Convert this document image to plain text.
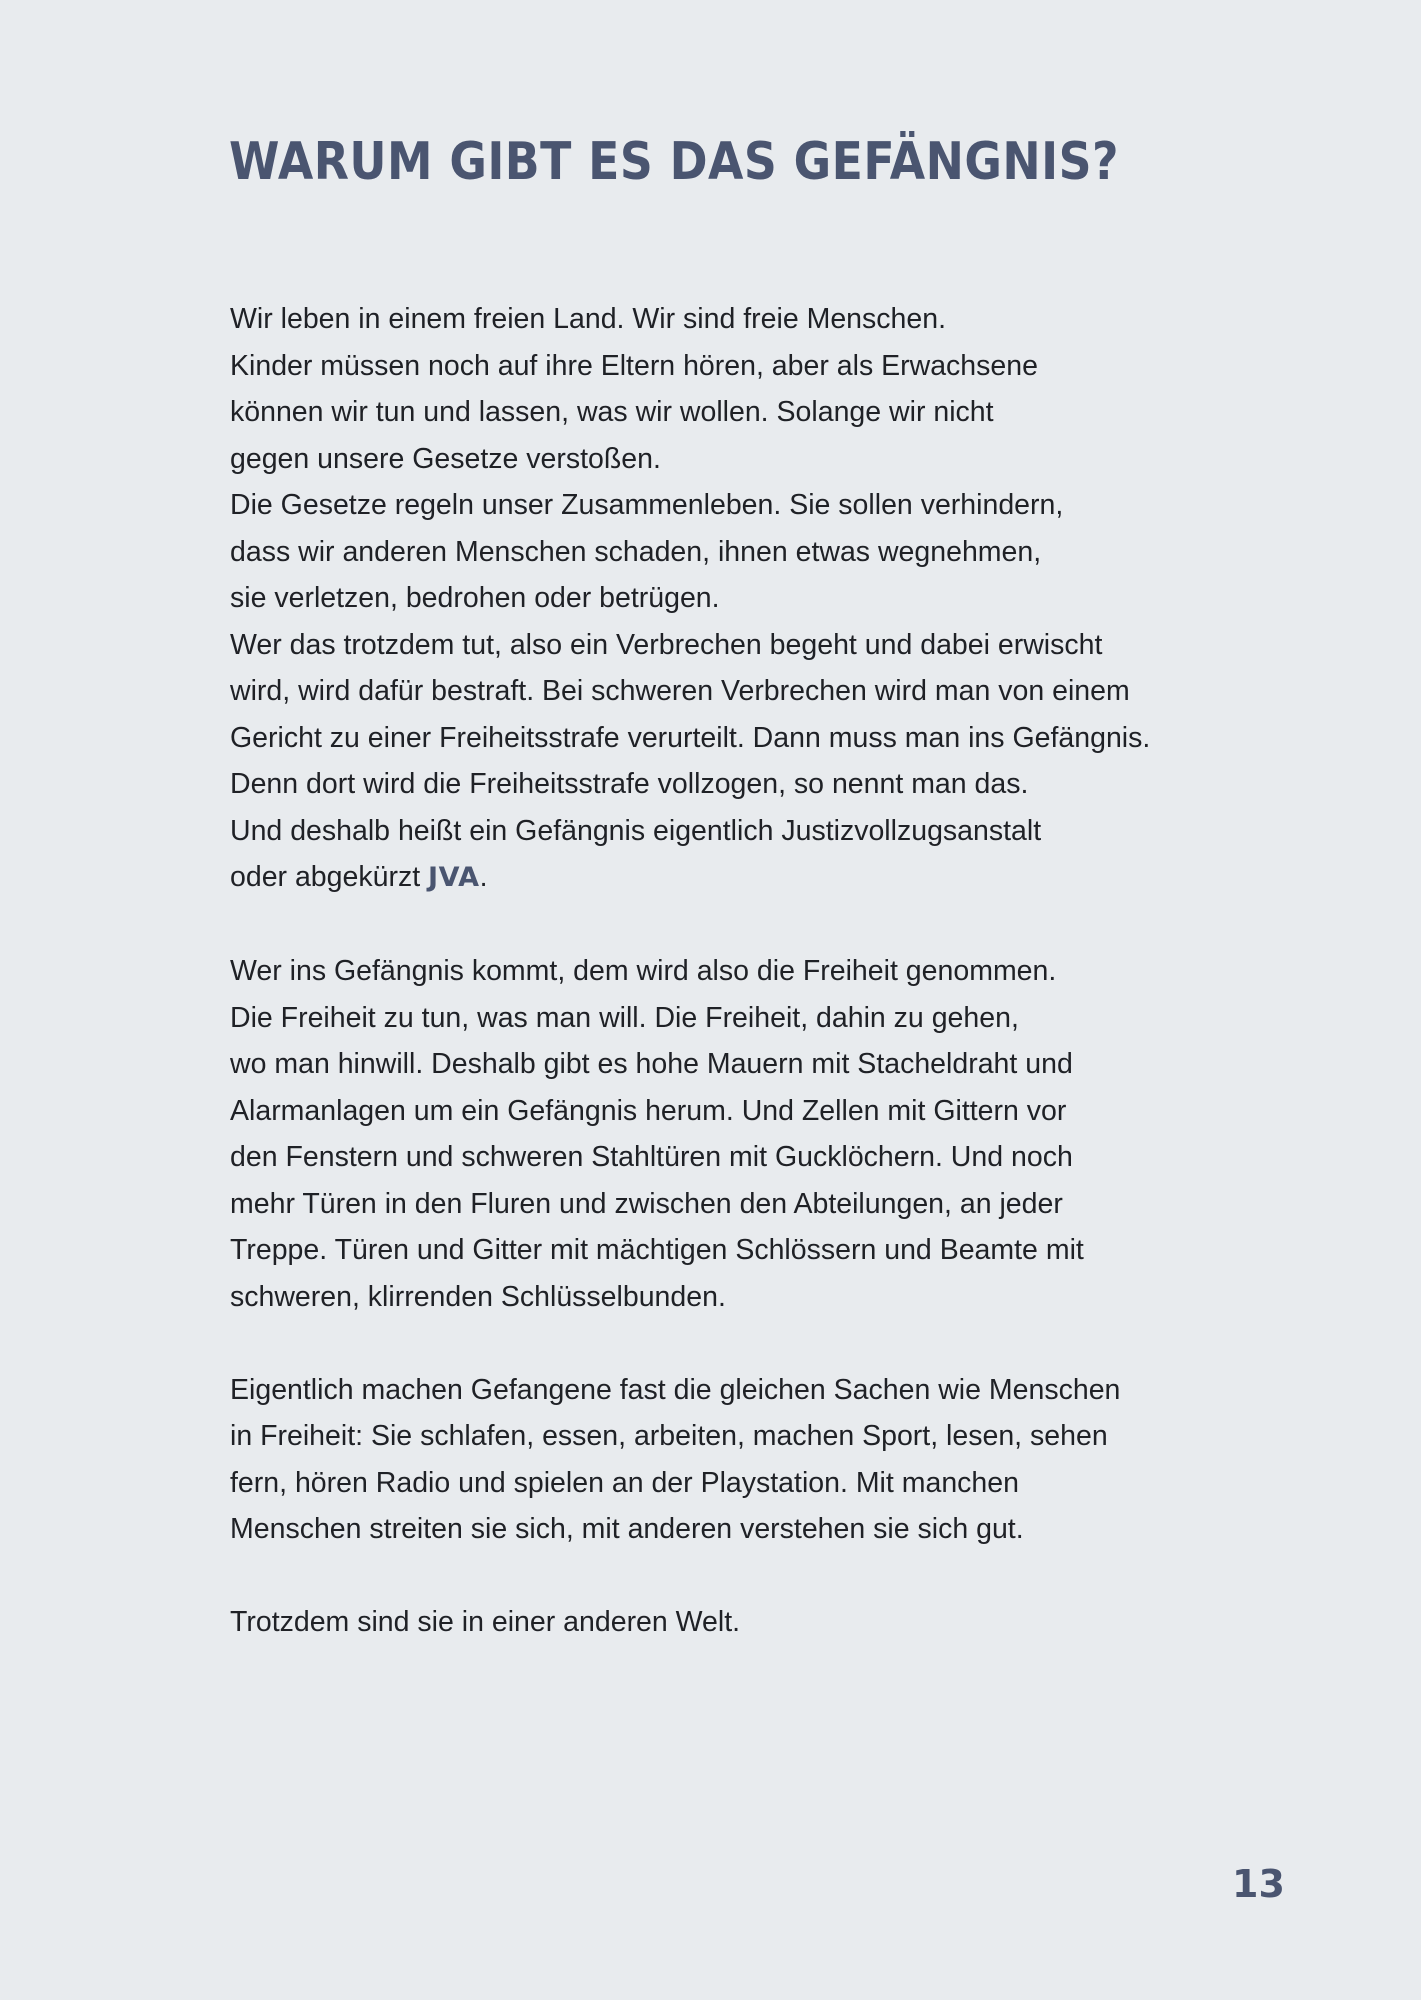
WARUM GIBT ES DAS GEFÄNGNIS?

Wir leben in einem freien Land. Wir sind freie Menschen.
Kinder müssen noch auf ihre Eltern hören, aber als Erwachsene
können wir tun und lassen, was wir wollen. Solange wir nicht
gegen unsere Gesetze verstoßen.
Die Gesetze regeln unser Zusammenleben. Sie sollen verhindern,
dass wir anderen Menschen schaden, ihnen etwas wegnehmen,
sie verletzen, bedrohen oder betrügen.
Wer das trotzdem tut, also ein Verbrechen begeht und dabei erwischt
wird, wird dafür bestraft. Bei schweren Verbrechen wird man von einem
Gericht zu einer Freiheitsstrafe verurteilt. Dann muss man ins Gefängnis.
Denn dort wird die Freiheitsstrafe vollzogen, so nennt man das.
Und deshalb heißt ein Gefängnis eigentlich Justizvollzugsanstalt
oder abgekürzt JVA.

Wer ins Gefängnis kommt, dem wird also die Freiheit genommen.
Die Freiheit zu tun, was man will. Die Freiheit, dahin zu gehen,
wo man hinwill. Deshalb gibt es hohe Mauern mit Stacheldraht und
Alarmanlagen um ein Gefängnis herum. Und Zellen mit Gittern vor
den Fenstern und schweren Stahltüren mit Gucklöchern. Und noch
mehr Türen in den Fluren und zwischen den Abteilungen, an jeder
Treppe. Türen und Gitter mit mächtigen Schlössern und Beamte mit
schweren, klirrenden Schlüsselbunden.

Eigentlich machen Gefangene fast die gleichen Sachen wie Menschen
in Freiheit: Sie schlafen, essen, arbeiten, machen Sport, lesen, sehen
fern, hören Radio und spielen an der Playstation. Mit manchen
Menschen streiten sie sich, mit anderen verstehen sie sich gut.

Trotzdem sind sie in einer anderen Welt.

13
